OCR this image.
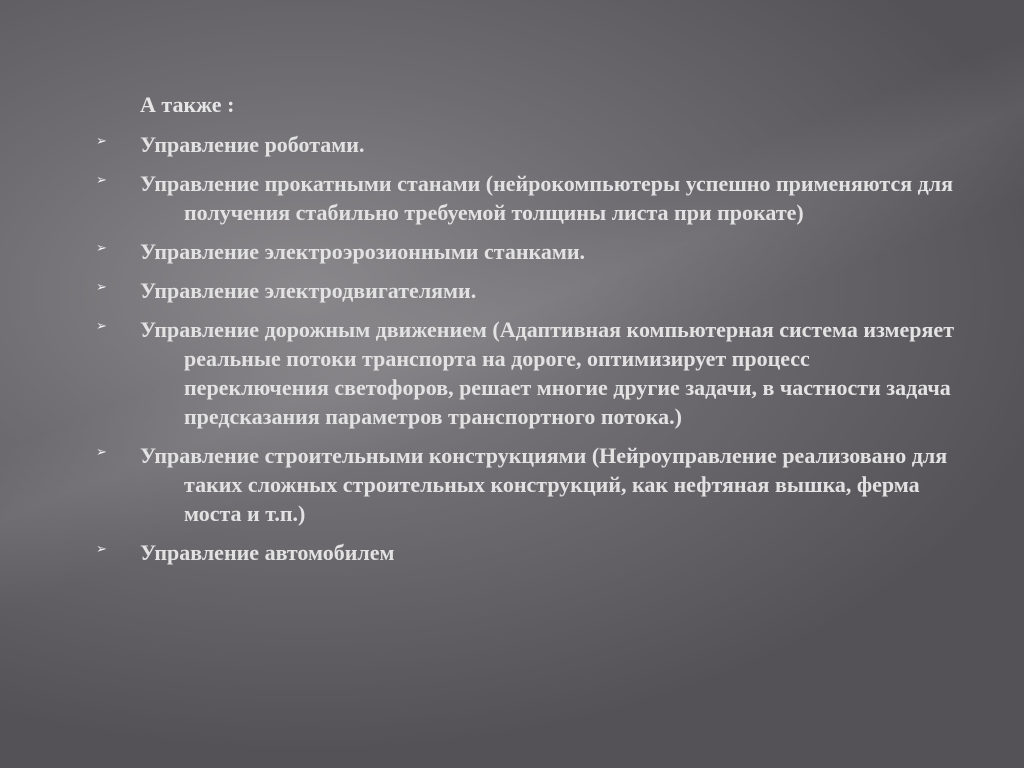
А также :

➢ Управление роботами.
➢ Управление прокатными станами (нейрокомпьютеры успешно применяются для получения стабильно требуемой толщины листа при прокате)
➢ Управление электроэрозионными станками.
➢ Управление электродвигателями.
➢ Управление дорожным движением (Адаптивная компьютерная система измеряет реальные потоки транспорта на дороге, оптимизирует процесс переключения светофоров, решает многие другие задачи, в частности задача предсказания параметров транспортного потока.)
➢ Управление строительными конструкциями (Нейроуправление реализовано для таких сложных строительных конструкций, как нефтяная вышка, ферма моста и т.п.)
➢ Управление автомобилем
